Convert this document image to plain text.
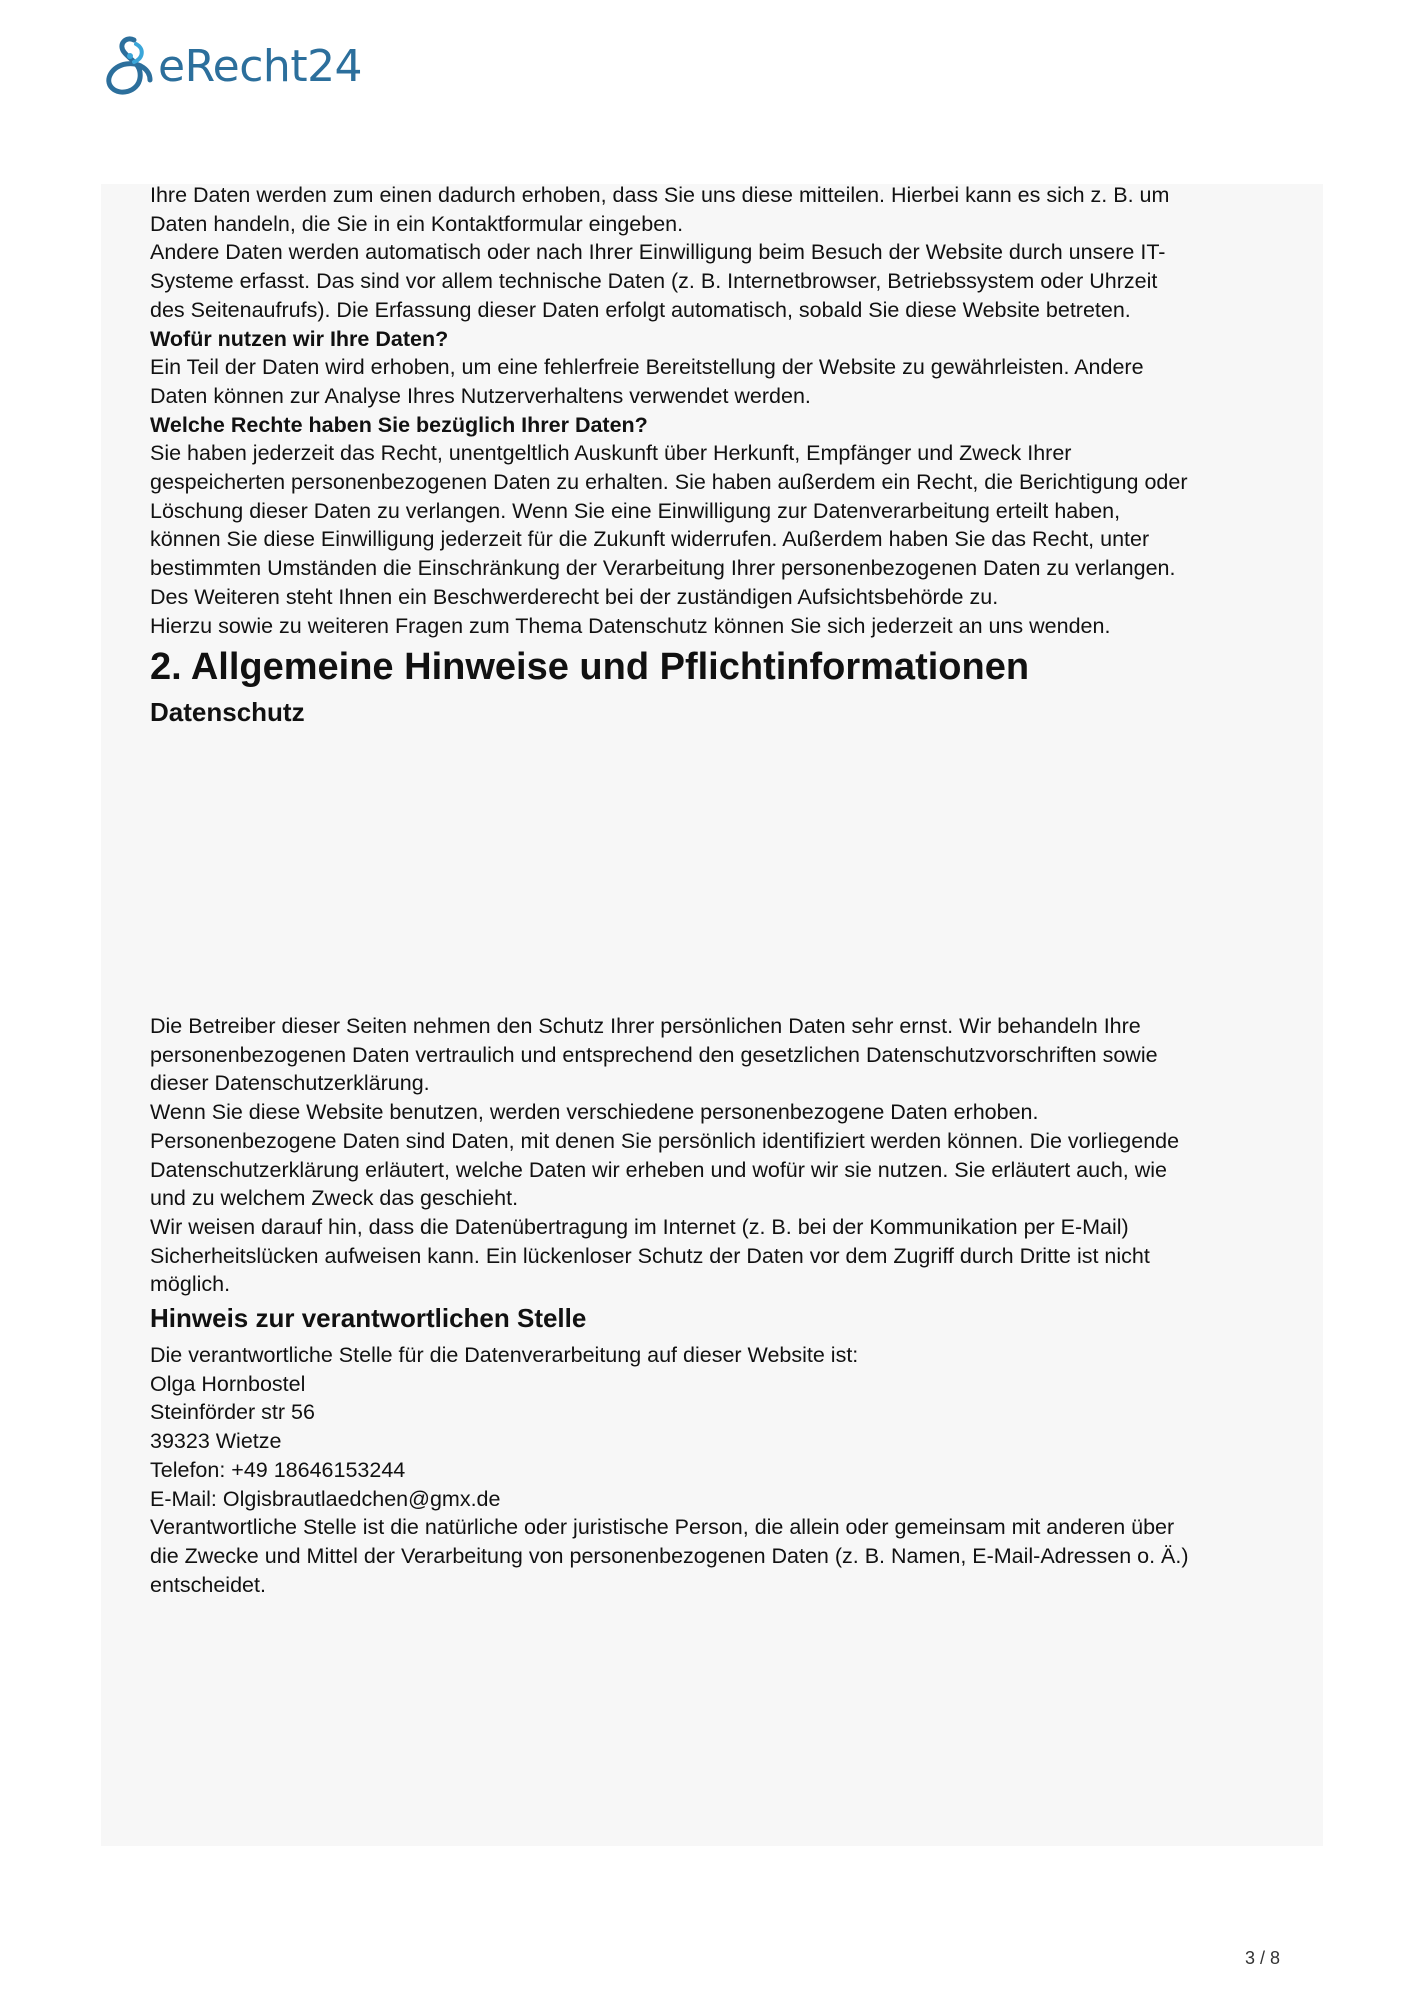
eRecht24

Ihre Daten werden zum einen dadurch erhoben, dass Sie uns diese mitteilen. Hierbei kann es sich z. B. um

Daten handeln, die Sie in ein Kontaktformular eingeben.

Andere Daten werden automatisch oder nach Ihrer Einwilligung beim Besuch der Website durch unsere IT-

Systeme erfasst. Das sind vor allem technische Daten (z. B. Internetbrowser, Betriebssystem oder Uhrzeit

des Seitenaufrufs). Die Erfassung dieser Daten erfolgt automatisch, sobald Sie diese Website betreten.

Wofür nutzen wir Ihre Daten?

Ein Teil der Daten wird erhoben, um eine fehlerfreie Bereitstellung der Website zu gewährleisten. Andere

Daten können zur Analyse Ihres Nutzerverhaltens verwendet werden.

Welche Rechte haben Sie bezüglich Ihrer Daten?

Sie haben jederzeit das Recht, unentgeltlich Auskunft über Herkunft, Empfänger und Zweck Ihrer

gespeicherten personenbezogenen Daten zu erhalten. Sie haben außerdem ein Recht, die Berichtigung oder

Löschung dieser Daten zu verlangen. Wenn Sie eine Einwilligung zur Datenverarbeitung erteilt haben,

können Sie diese Einwilligung jederzeit für die Zukunft widerrufen. Außerdem haben Sie das Recht, unter

bestimmten Umständen die Einschränkung der Verarbeitung Ihrer personenbezogenen Daten zu verlangen.

Des Weiteren steht Ihnen ein Beschwerderecht bei der zuständigen Aufsichtsbehörde zu.

Hierzu sowie zu weiteren Fragen zum Thema Datenschutz können Sie sich jederzeit an uns wenden.

2. Allgemeine Hinweise und Pflichtinformationen
Datenschutz

Die Betreiber dieser Seiten nehmen den Schutz Ihrer persönlichen Daten sehr ernst. Wir behandeln Ihre

personenbezogenen Daten vertraulich und entsprechend den gesetzlichen Datenschutzvorschriften sowie

dieser Datenschutzerklärung.

Wenn Sie diese Website benutzen, werden verschiedene personenbezogene Daten erhoben.

Personenbezogene Daten sind Daten, mit denen Sie persönlich identifiziert werden können. Die vorliegende

Datenschutzerklärung erläutert, welche Daten wir erheben und wofür wir sie nutzen. Sie erläutert auch, wie

und zu welchem Zweck das geschieht.

Wir weisen darauf hin, dass die Datenübertragung im Internet (z. B. bei der Kommunikation per E-Mail)

Sicherheitslücken aufweisen kann. Ein lückenloser Schutz der Daten vor dem Zugriff durch Dritte ist nicht

möglich.

Hinweis zur verantwortlichen Stelle

Die verantwortliche Stelle für die Datenverarbeitung auf dieser Website ist:

Olga Hornbostel

Steinförder str 56

39323 Wietze

Telefon: +49 18646153244

E-Mail: Olgisbrautlaedchen@gmx.de

Verantwortliche Stelle ist die natürliche oder juristische Person, die allein oder gemeinsam mit anderen über

die Zwecke und Mittel der Verarbeitung von personenbezogenen Daten (z. B. Namen, E-Mail-Adressen o. Ä.)

entscheidet.

3 / 8
